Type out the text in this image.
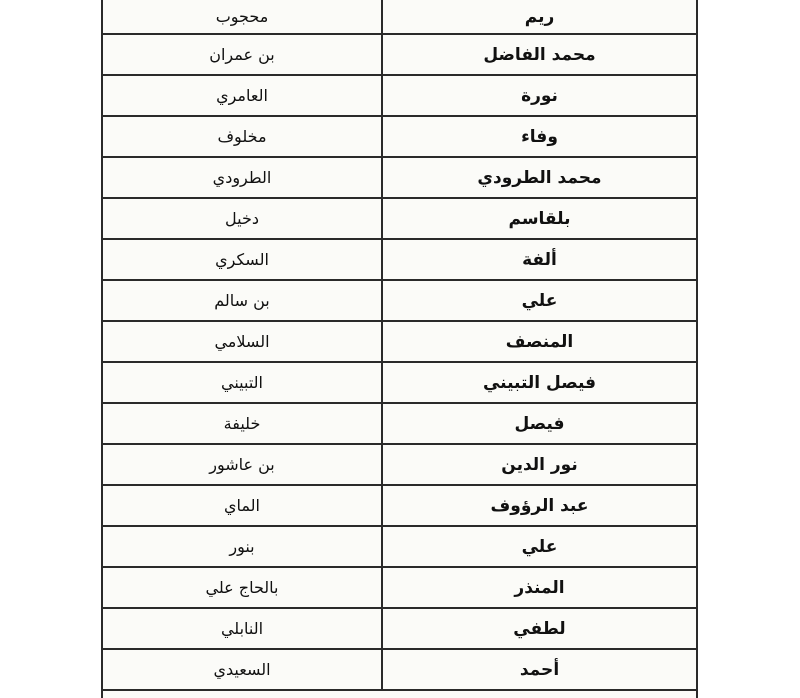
ريم	محجوب
محمد الفاضل	بن عمران
نورة	العامري
وفاء	مخلوف
محمد الطرودي	الطرودي
بلقاسم	دخيل
ألفة	السكري
علي	بن سالم
المنصف	السلامي
فيصل التبيني	التبيني
فيصل	خليفة
نور الدين	بن عاشور
عبد الرؤوف	الماي
علي	بنور
المنذر	بالحاج علي
لطفي	النابلي
أحمد	السعيدي
